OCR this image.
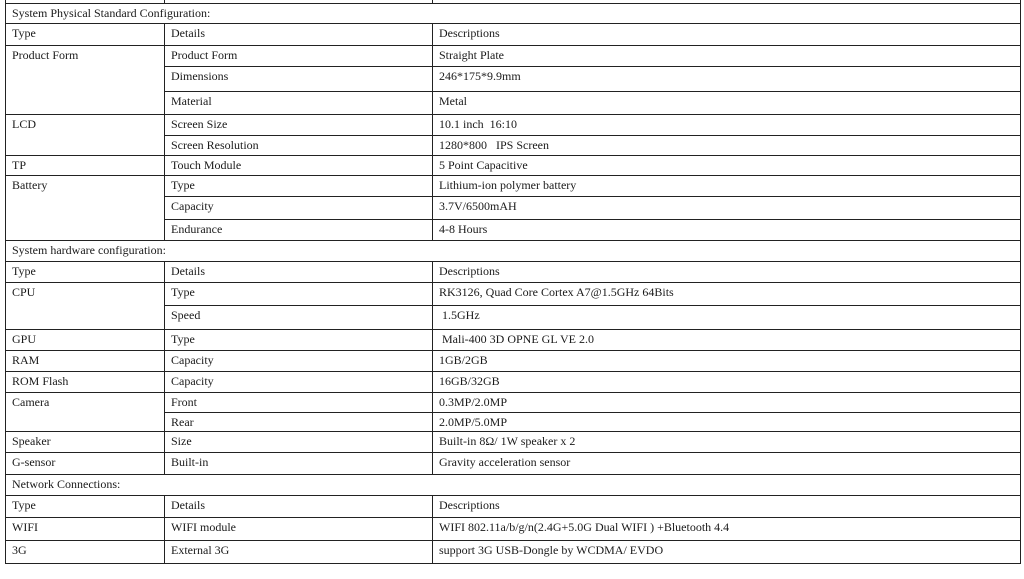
System Physical Standard Configuration:		
Type	Details	Descriptions
Product Form	Product Form	Straight Plate
	Dimensions	246*175*9.9mm
	Material	Metal
LCD	Screen Size	10.1 inch  16:10
	Screen Resolution	1280*800   IPS Screen
TP	Touch Module	5 Point Capacitive
Battery	Type	Lithium-ion polymer battery
	Capacity	3.7V/6500mAH
	Endurance	4-8 Hours
System hardware configuration:		
Type	Details	Descriptions
CPU	Type	RK3126, Quad Core Cortex A7@1.5GHz 64Bits
	Speed	1.5GHz
GPU	Type	Mali-400 3D OPNE GL VE 2.0
RAM	Capacity	1GB/2GB
ROM Flash	Capacity	16GB/32GB
Camera	Front	0.3MP/2.0MP
	Rear	2.0MP/5.0MP
Speaker	Size	Built-in 8Ω/ 1W speaker x 2
G-sensor	Built-in	Gravity acceleration sensor
Network Connections:		
Type	Details	Descriptions
WIFI	WIFI module	WIFI 802.11a/b/g/n(2.4G+5.0G Dual WIFI ) +Bluetooth 4.4
3G	External 3G	support 3G USB-Dongle by WCDMA/ EVDO
